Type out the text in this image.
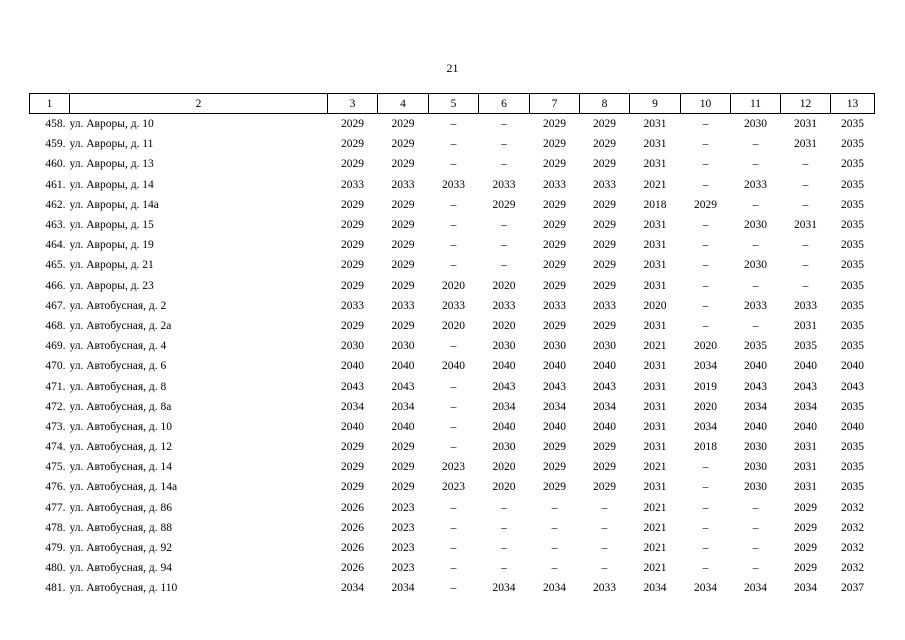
21
1	2	3	4	5	6	7	8	9	10	11	12	13
458.	ул. Авроры, д. 10	2029	2029	–	–	2029	2029	2031	–	2030	2031	2035
459.	ул. Авроры, д. 11	2029	2029	–	–	2029	2029	2031	–	–	2031	2035
460.	ул. Авроры, д. 13	2029	2029	–	–	2029	2029	2031	–	–	–	2035
461.	ул. Авроры, д. 14	2033	2033	2033	2033	2033	2033	2021	–	2033	–	2035
462.	ул. Авроры, д. 14а	2029	2029	–	2029	2029	2029	2018	2029	–	–	2035
463.	ул. Авроры, д. 15	2029	2029	–	–	2029	2029	2031	–	2030	2031	2035
464.	ул. Авроры, д. 19	2029	2029	–	–	2029	2029	2031	–	–	–	2035
465.	ул. Авроры, д. 21	2029	2029	–	–	2029	2029	2031	–	2030	–	2035
466.	ул. Авроры, д. 23	2029	2029	2020	2020	2029	2029	2031	–	–	–	2035
467.	ул. Автобусная, д. 2	2033	2033	2033	2033	2033	2033	2020	–	2033	2033	2035
468.	ул. Автобусная, д. 2а	2029	2029	2020	2020	2029	2029	2031	–	–	2031	2035
469.	ул. Автобусная, д. 4	2030	2030	–	2030	2030	2030	2021	2020	2035	2035	2035
470.	ул. Автобусная, д. 6	2040	2040	2040	2040	2040	2040	2031	2034	2040	2040	2040
471.	ул. Автобусная, д. 8	2043	2043	–	2043	2043	2043	2031	2019	2043	2043	2043
472.	ул. Автобусная, д. 8а	2034	2034	–	2034	2034	2034	2031	2020	2034	2034	2035
473.	ул. Автобусная, д. 10	2040	2040	–	2040	2040	2040	2031	2034	2040	2040	2040
474.	ул. Автобусная, д. 12	2029	2029	–	2030	2029	2029	2031	2018	2030	2031	2035
475.	ул. Автобусная, д. 14	2029	2029	2023	2020	2029	2029	2021	–	2030	2031	2035
476.	ул. Автобусная, д. 14а	2029	2029	2023	2020	2029	2029	2031	–	2030	2031	2035
477.	ул. Автобусная, д. 86	2026	2023	–	–	–	–	2021	–	–	2029	2032
478.	ул. Автобусная, д. 88	2026	2023	–	–	–	–	2021	–	–	2029	2032
479.	ул. Автобусная, д. 92	2026	2023	–	–	–	–	2021	–	–	2029	2032
480.	ул. Автобусная, д. 94	2026	2023	–	–	–	–	2021	–	–	2029	2032
481.	ул. Автобусная, д. 110	2034	2034	–	2034	2034	2033	2034	2034	2034	2034	2037
